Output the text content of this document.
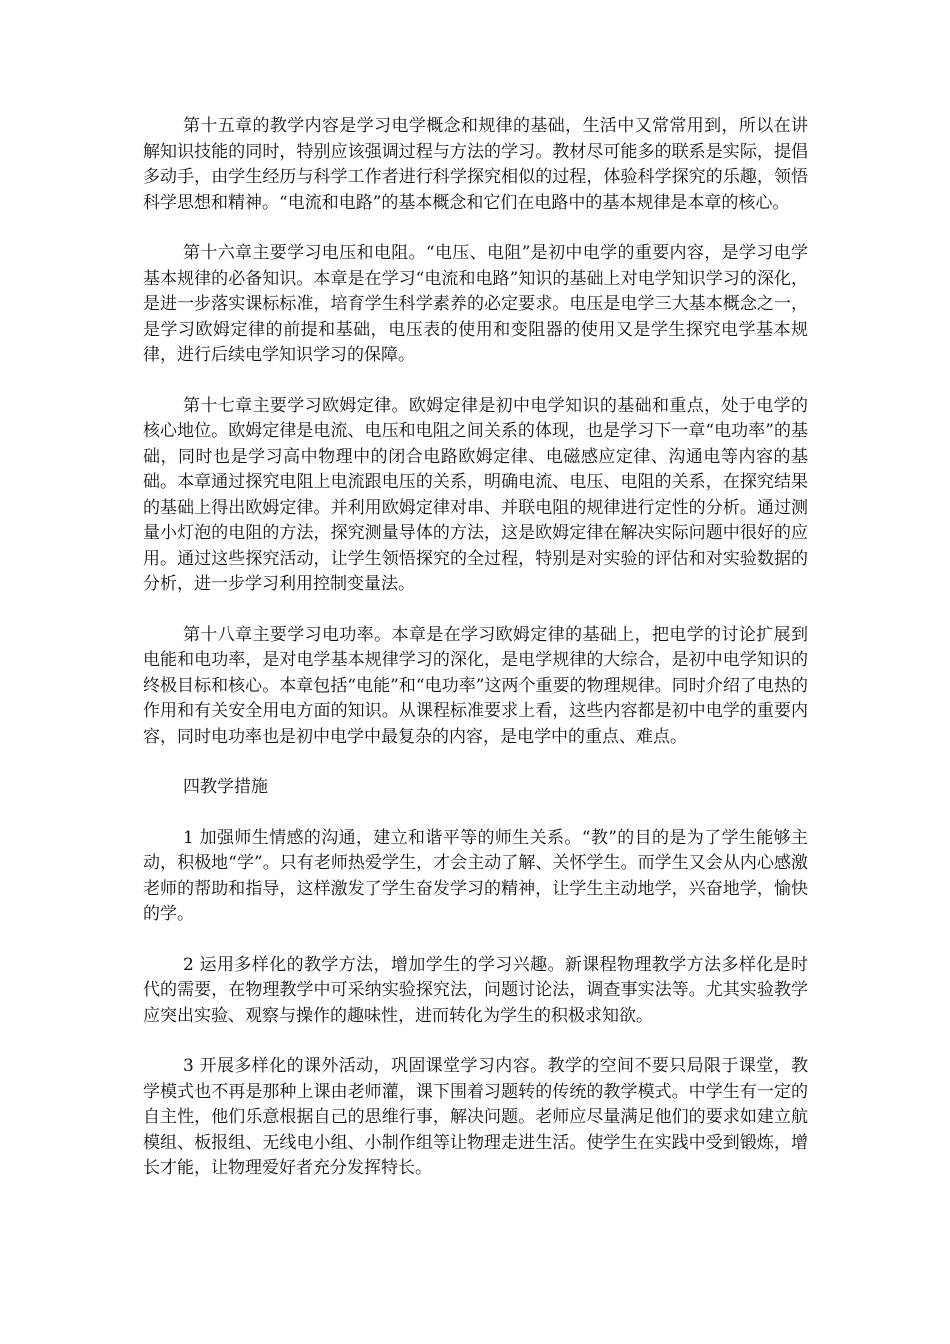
第十五章的教学内容是学习电学概念和规律的基础，生活中又常常用到，所以在讲解知识技能的同时，特别应该强调过程与方法的学习。教材尽可能多的联系是实际，提倡多动手，由学生经历与科学工作者进行科学探究相似的过程，体验科学探究的乐趣，领悟科学思想和精神。“电流和电路”的基本概念和它们在电路中的基本规律是本章的核心。

第十六章主要学习电压和电阻。“电压、电阻”是初中电学的重要内容，是学习电学基本规律的必备知识。本章是在学习“电流和电路”知识的基础上对电学知识学习的深化，是进一步落实课标标准，培育学生科学素养的必定要求。电压是电学三大基本概念之一，是学习欧姆定律的前提和基础，电压表的使用和变阻器的使用又是学生探究电学基本规律，进行后续电学知识学习的保障。

第十七章主要学习欧姆定律。欧姆定律是初中电学知识的基础和重点，处于电学的核心地位。欧姆定律是电流、电压和电阻之间关系的体现，也是学习下一章“电功率”的基础，同时也是学习高中物理中的闭合电路欧姆定律、电磁感应定律、沟通电等内容的基础。本章通过探究电阻上电流跟电压的关系，明确电流、电压、电阻的关系，在探究结果的基础上得出欧姆定律。并利用欧姆定律对串、并联电阻的规律进行定性的分析。通过测量小灯泡的电阻的方法，探究测量导体的方法，这是欧姆定律在解决实际问题中很好的应用。通过这些探究活动，让学生领悟探究的全过程，特别是对实验的评估和对实验数据的分析，进一步学习利用控制变量法。

第十八章主要学习电功率。本章是在学习欧姆定律的基础上，把电学的讨论扩展到电能和电功率，是对电学基本规律学习的深化，是电学规律的大综合，是初中电学知识的终极目标和核心。本章包括“电能”和“电功率”这两个重要的物理规律。同时介绍了电热的作用和有关安全用电方面的知识。从课程标准要求上看，这些内容都是初中电学的重要内容，同时电功率也是初中电学中最复杂的内容，是电学中的重点、难点。

四教学措施

1 加强师生情感的沟通，建立和谐平等的师生关系。“教”的目的是为了学生能够主动，积极地“学”。只有老师热爱学生，才会主动了解、关怀学生。而学生又会从内心感激老师的帮助和指导，这样激发了学生奋发学习的精神，让学生主动地学，兴奋地学，愉快的学。

2 运用多样化的教学方法，增加学生的学习兴趣。新课程物理教学方法多样化是时代的需要，在物理教学中可采纳实验探究法，问题讨论法，调查事实法等。尤其实验教学应突出实验、观察与操作的趣味性，进而转化为学生的积极求知欲。

3 开展多样化的课外活动，巩固课堂学习内容。教学的空间不要只局限于课堂，教学模式也不再是那种上课由老师灌，课下围着习题转的传统的教学模式。中学生有一定的自主性，他们乐意根据自己的思维行事，解决问题。老师应尽量满足他们的要求如建立航模组、板报组、无线电小组、小制作组等让物理走进生活。使学生在实践中受到锻炼，增长才能，让物理爱好者充分发挥特长。
